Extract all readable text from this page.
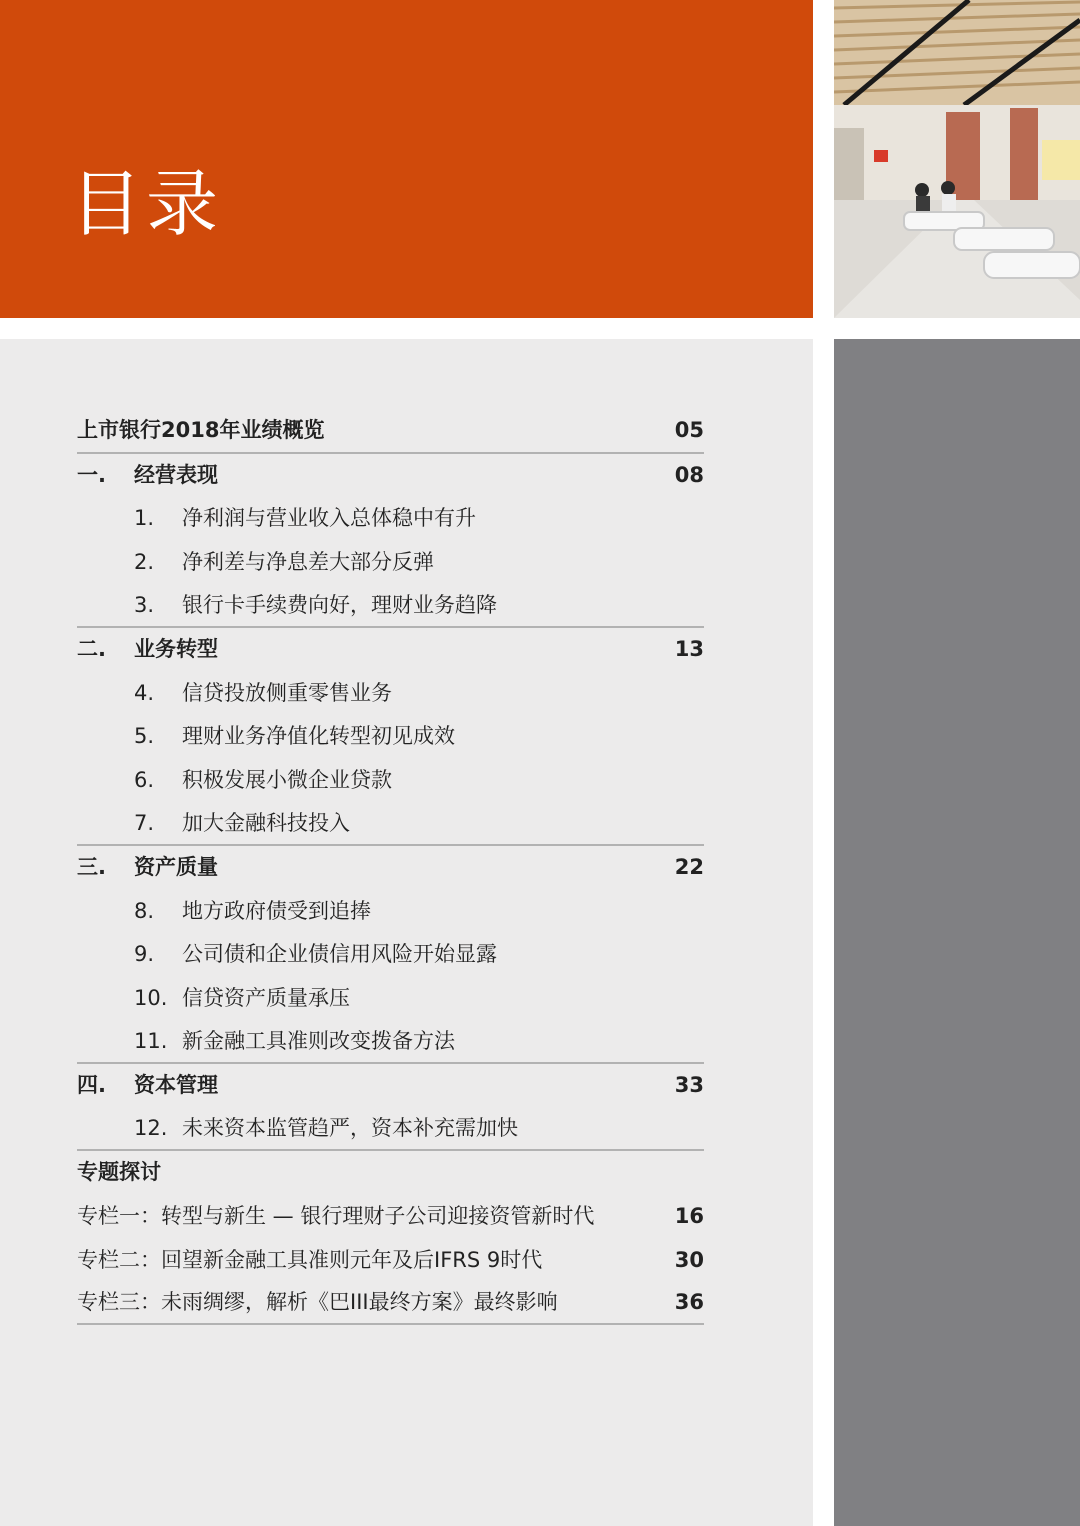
目录
上市银行2018年业绩概览	05
一. 经营表现	08
1. 净利润与营业收入总体稳中有升
2. 净利差与净息差大部分反弹
3. 银行卡手续费向好，理财业务趋降
二. 业务转型	13
4. 信贷投放侧重零售业务
5. 理财业务净值化转型初见成效
6. 积极发展小微企业贷款
7. 加大金融科技投入
三. 资产质量	22
8. 地方政府债受到追捧
9. 公司债和企业债信用风险开始显露
10. 信贷资产质量承压
11. 新金融工具准则改变拨备方法
四. 资本管理	33
12. 未来资本监管趋严，资本补充需加快
专题探讨
专栏一：转型与新生 — 银行理财子公司迎接资管新时代	16
专栏二：回望新金融工具准则元年及后IFRS 9时代	30
专栏三：未雨绸缪，解析《巴III最终方案》最终影响	36
